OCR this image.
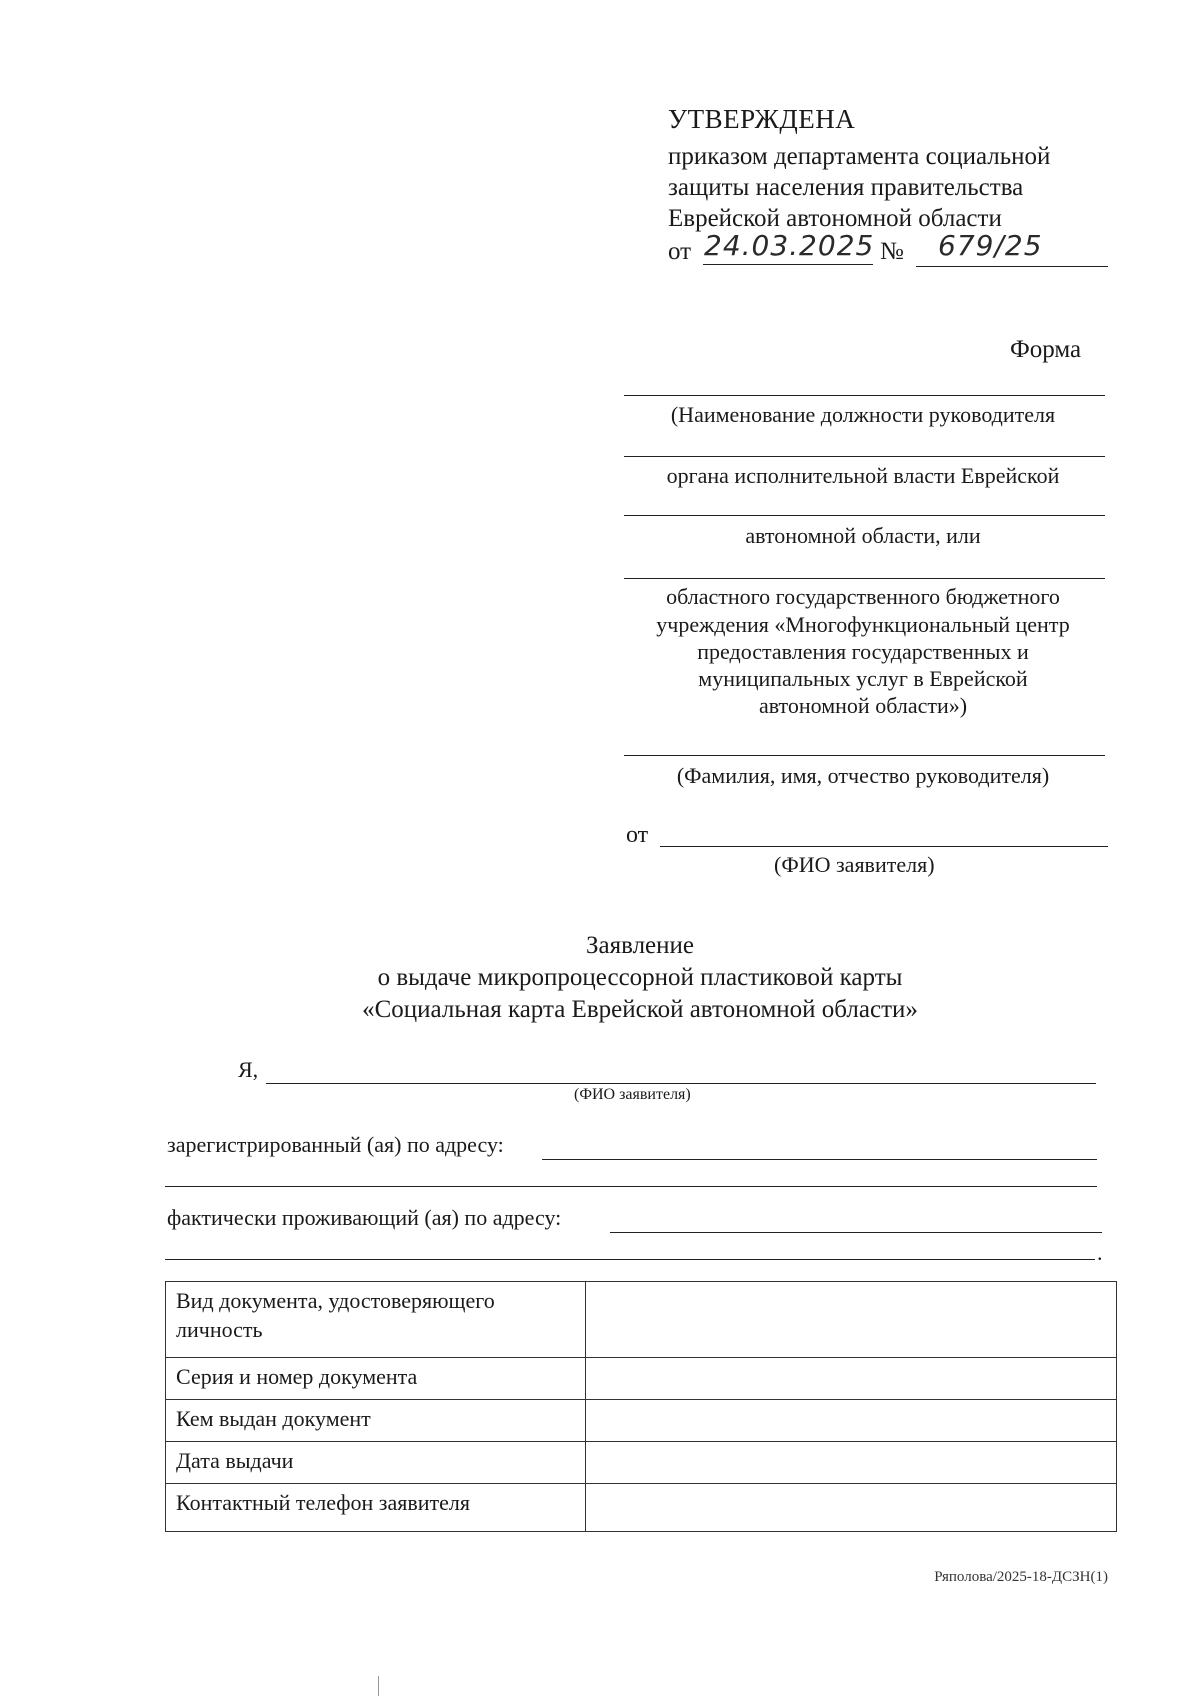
УТВЕРЖДЕНА
приказом департамента социальной
защиты населения правительства
Еврейской автономной области
от 24.03.2025 № 679/25
Форма
(Наименование должности руководителя
органа исполнительной власти Еврейской
автономной области, или
областного государственного бюджетного
учреждения «Многофункциональный центр
предоставления государственных и
муниципальных услуг в Еврейской
автономной области»)
(Фамилия, имя, отчество руководителя)
от
(ФИО заявителя)
Заявление
о выдаче микропроцессорной пластиковой карты
«Социальная карта Еврейской автономной области»
Я,
(ФИО заявителя)
зарегистрированный (ая) по адресу:
фактически проживающий (ая) по адресу:
.
Вид документа, удостоверяющего личность	
Серия и номер документа	
Кем выдан документ	
Дата выдачи	
Контактный телефон заявителя	
Ряполова/2025-18-ДСЗН(1)
